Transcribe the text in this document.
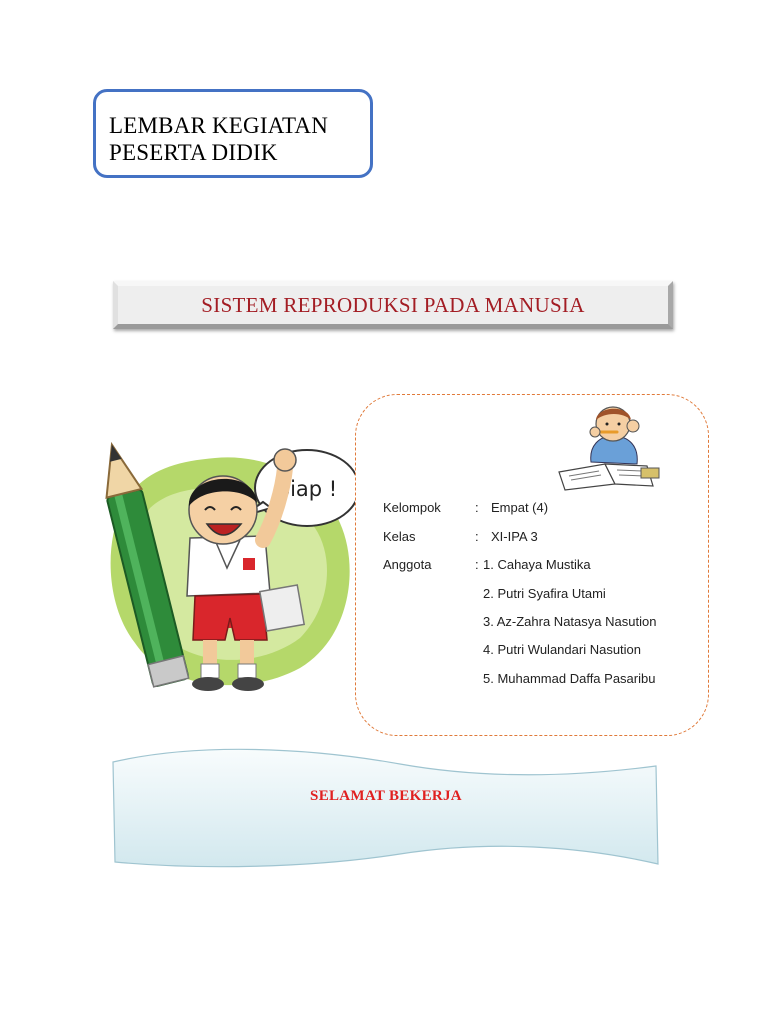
LEMBAR KEGIATAN
PESERTA DIDIK
SISTEM REPRODUKSI PADA MANUSIA
Siap !
Kelompok	: Empat (4)
Kelas	: XI-IPA 3
Anggota	: 1. Cahaya Mustika
2. Putri Syafira Utami
3. Az-Zahra Natasya Nasution
4. Putri Wulandari Nasution
5. Muhammad Daffa Pasaribu
SELAMAT BEKERJA
